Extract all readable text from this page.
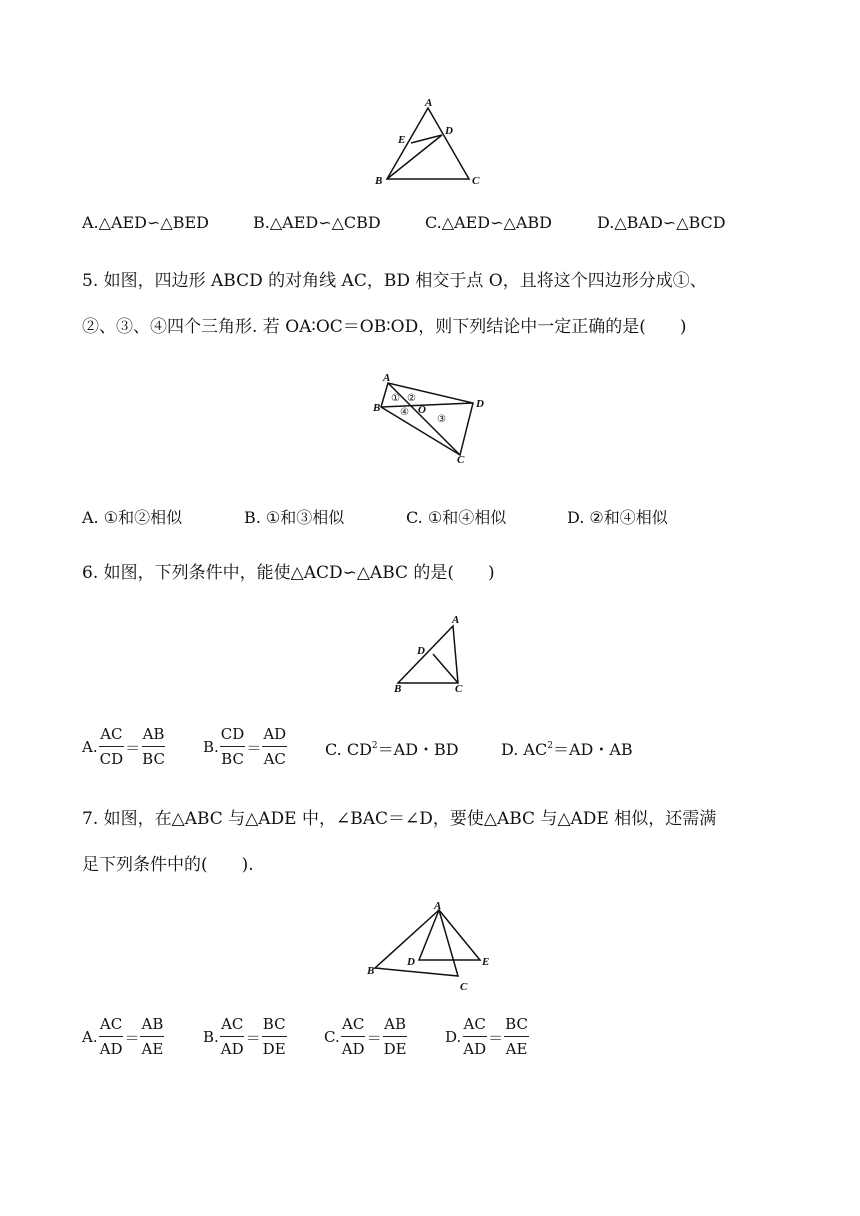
A
B	C
D
E
A.△AED∽△BED	B.△AED∽△CBD	C.△AED∽△ABD	D.△BAD∽△BCD
5. 如图，四边形 ABCD 的对角线 AC，BD 相交于点 O，且将这个四边形分成①、
②、③、④四个三角形. 若 OA∶OC＝OB∶OD，则下列结论中一定正确的是(　　)
A
B
C
D
O
① ②
③
④
A. ①和②相似	B. ①和③相似	C. ①和④相似	D. ②和④相似
6. 如图，下列条件中，能使△ACD∽△ABC 的是(　　)
A
B	C
D
A. $\frac{AC}{CD} = \frac{AB}{BC} B$. $\frac{CD}{BC} = \frac{AD}{AC} C$. $CD^2=AD$・BD	D. $AC^2=AD$・AB
7. 如图，在△ABC 与△ADE 中，∠BAC＝∠D，要使△ABC 与△ADE 相似，还需满
足下列条件中的(　　).
A
B
C
D	E
A. $\frac{AC}{AD} = \frac{AB}{AE}$	B. $\frac{AC}{AD} = \frac{BC}{DE} C$. $\frac{AC}{AD} = \frac{AB}{DE} D$. $\frac{AC}{AD} = \frac{BC}{AE}$
